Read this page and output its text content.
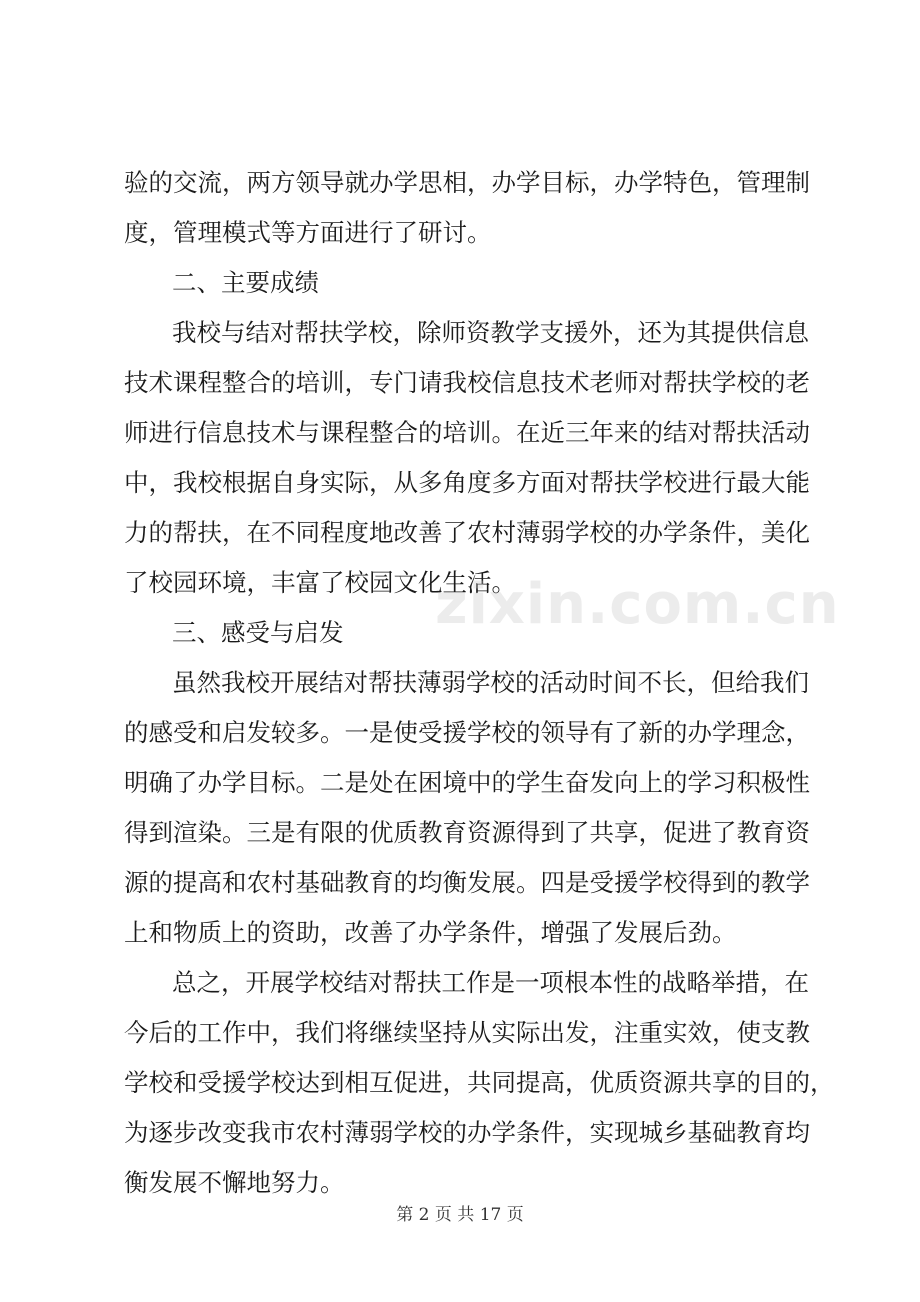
验的交流，两方领导就办学思相，办学目标，办学特色，管理制
度，管理模式等方面进行了研讨。
二、主要成绩
我校与结对帮扶学校，除师资教学支援外，还为其提供信息
技术课程整合的培训，专门请我校信息技术老师对帮扶学校的老
师进行信息技术与课程整合的培训。在近三年来的结对帮扶活动
中，我校根据自身实际，从多角度多方面对帮扶学校进行最大能
力的帮扶，在不同程度地改善了农村薄弱学校的办学条件，美化
了校园环境，丰富了校园文化生活。
三、感受与启发
虽然我校开展结对帮扶薄弱学校的活动时间不长，但给我们
的感受和启发较多。一是使受援学校的领导有了新的办学理念，
明确了办学目标。二是处在困境中的学生奋发向上的学习积极性
得到渲染。三是有限的优质教育资源得到了共享，促进了教育资
源的提高和农村基础教育的均衡发展。四是受援学校得到的教学
上和物质上的资助，改善了办学条件，增强了发展后劲。
总之，开展学校结对帮扶工作是一项根本性的战略举措，在
今后的工作中，我们将继续坚持从实际出发，注重实效，使支教
学校和受援学校达到相互促进，共同提高，优质资源共享的目的，
为逐步改变我市农村薄弱学校的办学条件，实现城乡基础教育均
衡发展不懈地努力。
zixin.com.cn
第 2 页 共 17 页
